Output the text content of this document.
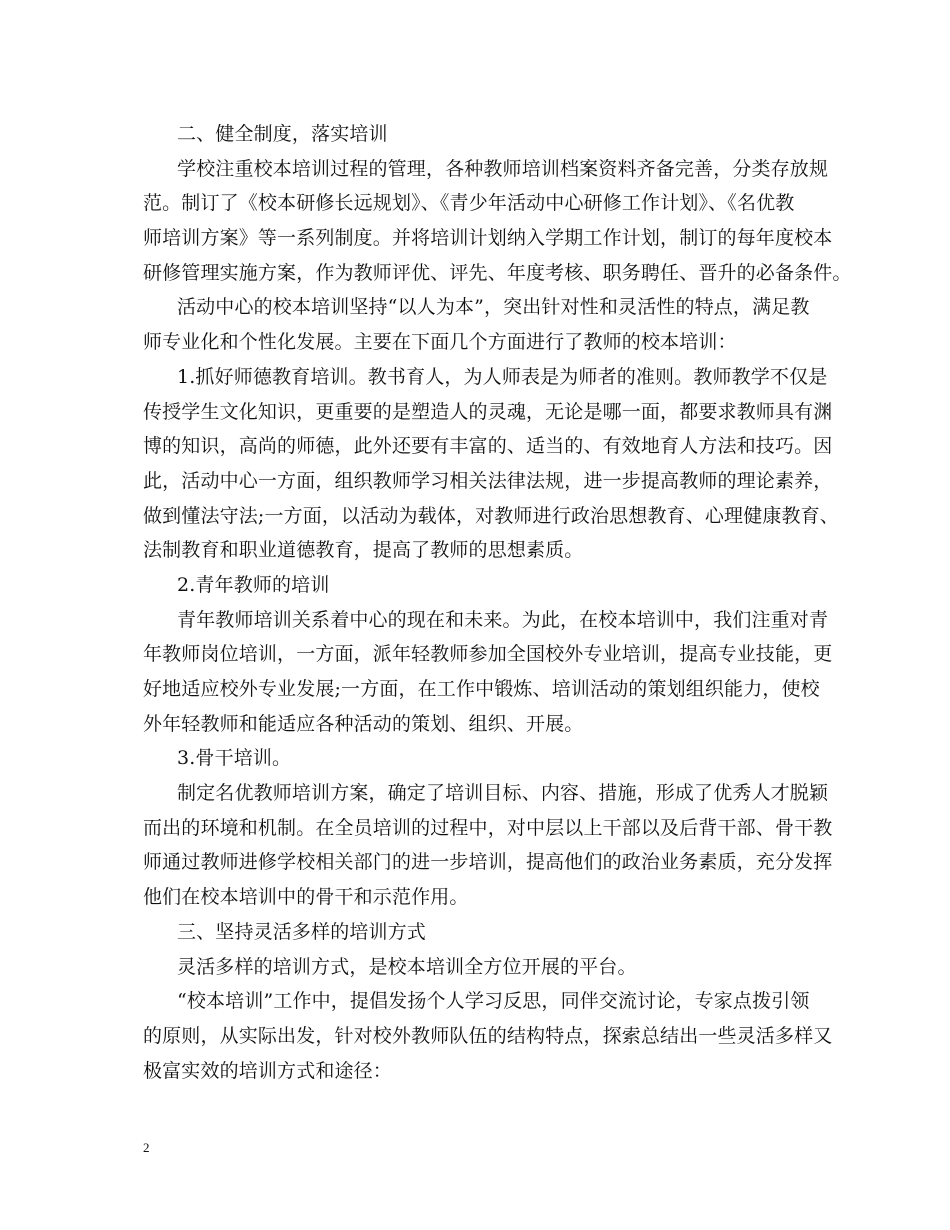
二、健全制度，落实培训
学校注重校本培训过程的管理，各种教师培训档案资料齐备完善，分类存放规
范。制订了《校本研修长远规划》、《青少年活动中心研修工作计划》、《名优教
师培训方案》等一系列制度。并将培训计划纳入学期工作计划，制订的每年度校本
研修管理实施方案，作为教师评优、评先、年度考核、职务聘任、晋升的必备条件。
活动中心的校本培训坚持“以人为本”，突出针对性和灵活性的特点，满足教
师专业化和个性化发展。主要在下面几个方面进行了教师的校本培训：
1.抓好师德教育培训。教书育人，为人师表是为师者的准则。教师教学不仅是
传授学生文化知识，更重要的是塑造人的灵魂，无论是哪一面，都要求教师具有渊
博的知识，高尚的师德，此外还要有丰富的、适当的、有效地育人方法和技巧。因
此，活动中心一方面，组织教师学习相关法律法规，进一步提高教师的理论素养，
做到懂法守法;一方面，以活动为载体，对教师进行政治思想教育、心理健康教育、
法制教育和职业道德教育，提高了教师的思想素质。
2.青年教师的培训
青年教师培训关系着中心的现在和未来。为此，在校本培训中，我们注重对青
年教师岗位培训，一方面，派年轻教师参加全国校外专业培训，提高专业技能，更
好地适应校外专业发展;一方面，在工作中锻炼、培训活动的策划组织能力，使校
外年轻教师和能适应各种活动的策划、组织、开展。
3.骨干培训。
制定名优教师培训方案，确定了培训目标、内容、措施，形成了优秀人才脱颖
而出的环境和机制。在全员培训的过程中，对中层以上干部以及后背干部、骨干教
师通过教师进修学校相关部门的进一步培训，提高他们的政治业务素质，充分发挥
他们在校本培训中的骨干和示范作用。
三、坚持灵活多样的培训方式
灵活多样的培训方式，是校本培训全方位开展的平台。
“校本培训”工作中，提倡发扬个人学习反思，同伴交流讨论，专家点拨引领
的原则，从实际出发，针对校外教师队伍的结构特点，探索总结出一些灵活多样又
极富实效的培训方式和途径：
2
